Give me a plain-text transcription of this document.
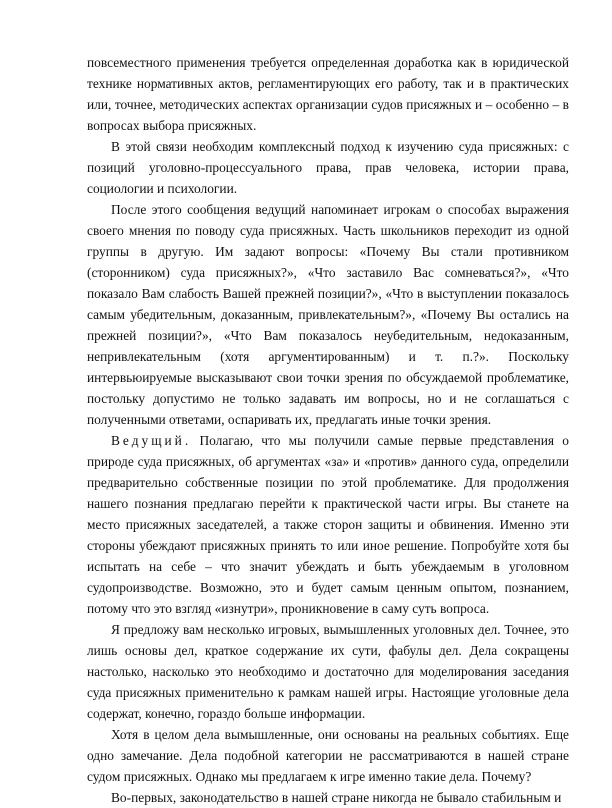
повсеместного применения требуется определенная доработка как в юридической технике нормативных актов, регламентирующих его работу, так и в практических или, точнее, методических аспектах организации судов присяжных и – особенно – в вопросах выбора присяжных.

В этой связи необходим комплексный подход к изучению суда присяжных: с позиций уголовно-процессуального права, прав человека, истории права, социологии и психологии.

После этого сообщения ведущий напоминает игрокам о способах выражения своего мнения по поводу суда присяжных. Часть школьников переходит из одной группы в другую. Им задают вопросы: «Почему Вы стали противником (сторонником) суда присяжных?», «Что заставило Вас сомневаться?», «Что показало Вам слабость Вашей прежней позиции?», «Что в выступлении показалось самым убедительным, доказанным, привлекательным?», «Почему Вы остались на прежней позиции?», «Что Вам показалось неубедительным, недоказанным, непривлекательным (хотя аргументированным) и т. п.?». Поскольку интервьюируемые высказывают свои точки зрения по обсуждаемой проблематике, постольку допустимо не только задавать им вопросы, но и не соглашаться с полученными ответами, оспаривать их, предлагать иные точки зрения.

Ведущий. Полагаю, что мы получили самые первые представления о природе суда присяжных, об аргументах «за» и «против» данного суда, определили предварительно собственные позиции по этой проблематике. Для продолжения нашего познания предлагаю перейти к практической части игры. Вы станете на место присяжных заседателей, а также сторон защиты и обвинения. Именно эти стороны убеждают присяжных принять то или иное решение. Попробуйте хотя бы испытать на себе – что значит убеждать и быть убеждаемым в уголовном судопроизводстве. Возможно, это и будет самым ценным опытом, познанием, потому что это взгляд «изнутри», проникновение в саму суть вопроса.

Я предложу вам несколько игровых, вымышленных уголовных дел. Точнее, это лишь основы дел, краткое содержание их сути, фабулы дел. Дела сокращены настолько, насколько это необходимо и достаточно для моделирования заседания суда присяжных применительно к рамкам нашей игры. Настоящие уголовные дела содержат, конечно, гораздо больше информации.

Хотя в целом дела вымышленные, они основаны на реальных событиях. Еще одно замечание. Дела подобной категории не рассматриваются в нашей стране судом присяжных. Однако мы предлагаем к игре именно такие дела. Почему?

Во-первых, законодательство в нашей стране никогда не бывало стабильным и
